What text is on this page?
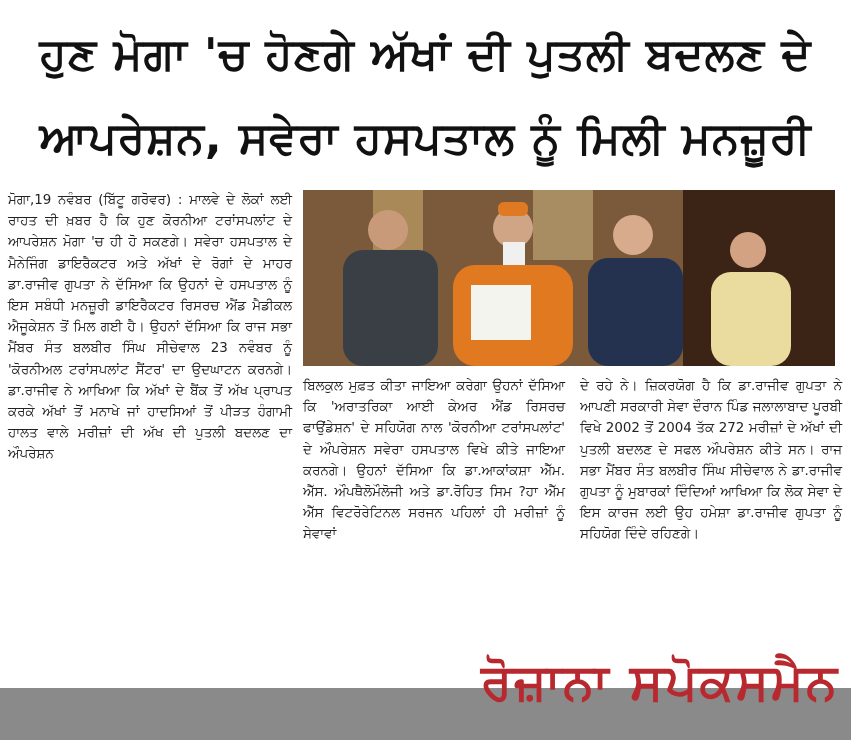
ਹੁਣ ਮੋਗਾ 'ਚ ਹੋਣਗੇ ਅੱਖਾਂ ਦੀ ਪੁਤਲੀ ਬਦਲਣ ਦੇ
ਆਪਰੇਸ਼ਨ, ਸਵੇਰਾ ਹਸਪਤਾਲ ਨੂੰ ਮਿਲੀ ਮਨਜ਼ੂਰੀ

ਮੋਗਾ,19 ਨਵੰਬਰ (ਬਿੱਟੂ ਗਰੋਵਰ) : ਮਾਲਵੇ ਦੇ ਲੋਕਾਂ ਲਈ ਰਾਹਤ ਦੀ ਖ਼ਬਰ ਹੈ ਕਿ ਹੁਣ ਕੋਰਨੀਆ ਟਰਾਂਸਪਲਾਂਟ ਦੇ ਆਪਰੇਸ਼ਨ ਮੋਗਾ 'ਚ ਹੀ ਹੋ ਸਕਣਗੇ। ਸਵੇਰਾ ਹਸਪਤਾਲ ਦੇ ਮੈਨੇਜਿੰਗ ਡਾਇਰੈਕਟਰ ਅਤੇ ਅੱਖਾਂ ਦੇ ਰੋਗਾਂ ਦੇ ਮਾਹਰ ਡਾ.ਰਾਜੀਵ ਗੁਪਤਾ ਨੇ ਦੱਸਿਆ ਕਿ ਉਹਨਾਂ ਦੇ ਹਸਪਤਾਲ ਨੂੰ ਇਸ ਸਬੰਧੀ ਮਨਜ਼ੂਰੀ ਡਾਇਰੈਕਟਰ ਰਿਸਰਚ ਐਂਡ ਮੈਡੀਕਲ ਐਜੂਕੇਸ਼ਨ ਤੋਂ ਮਿਲ ਗਈ ਹੈ। ਉਹਨਾਂ ਦੱਸਿਆ ਕਿ ਰਾਜ ਸਭਾ ਮੈਂਬਰ ਸੰਤ ਬਲਬੀਰ ਸਿੰਘ ਸੀਚੇਵਾਲ 23 ਨਵੰਬਰ ਨੂੰ 'ਕੋਰਨੀਅਲ ਟਰਾਂਸਪਲਾਂਟ ਸੈਂਟਰ' ਦਾ ਉਦਘਾਟਨ ਕਰਨਗੇ। ਡਾ.ਰਾਜੀਵ ਨੇ ਆਖਿਆ ਕਿ ਅੱਖਾਂ ਦੇ ਬੈਂਕ ਤੋਂ ਅੱਖ ਪ੍ਰਾਪਤ ਕਰਕੇ ਅੱਖਾਂ ਤੋਂ ਮਨਾਖੇ ਜਾਂ ਹਾਦਸਿਆਂ ਤੋਂ ਪੀੜਤ ਹੰਗਾਮੀ ਹਾਲਤ ਵਾਲੇ ਮਰੀਜ਼ਾਂ ਦੀ ਅੱਖ ਦੀ ਪੁਤਲੀ ਬਦਲਣ ਦਾ ਔਪਰੇਸ਼ਨ

ਬਿਲਕੁਲ ਮੁਫ਼ਤ ਕੀਤਾ ਜਾਇਆ ਕਰੇਗਾ ਉਹਨਾਂ ਦੱਸਿਆ ਕਿ 'ਅਰਾਤਰਿਕਾ ਆਈ ਕੇਅਰ ਐਂਡ ਰਿਸਰਚ ਫਾਉਂਡੇਸ਼ਨ' ਦੇ ਸਹਿਯੋਗ ਨਾਲ 'ਕੋਰਨੀਆ ਟਰਾਂਸਪਲਾਂਟ' ਦੇ ਔਪਰੇਸ਼ਨ ਸਵੇਰਾ ਹਸਪਤਾਲ ਵਿਖੇ ਕੀਤੇ ਜਾਇਆ ਕਰਨਗੇ। ਉਹਨਾਂ ਦੱਸਿਆ ਕਿ ਡਾ.ਆਕਾਂਕਸ਼ਾ ਐੱਮ. ਐੱਸ. ਔਪਥੈਲੋਮੌਲੋਜੀ ਅਤੇ ਡਾ.ਰੋਹਿਤ ਸਿਮ ?ਹਾ ਐੱਮ ਐੱਸ ਵਿਟਰੋਰੇਟਿਨਲ ਸਰਜਨ ਪਹਿਲਾਂ ਹੀ ਮਰੀਜ਼ਾਂ ਨੂੰ ਸੇਵਾਵਾਂ

ਦੇ ਰਹੇ ਨੇ। ਜ਼ਿਕਰਯੋਗ ਹੈ ਕਿ ਡਾ.ਰਾਜੀਵ ਗੁਪਤਾ ਨੇ ਆਪਣੀ ਸਰਕਾਰੀ ਸੇਵਾ ਦੌਰਾਨ ਪਿੰਡ ਜਲਾਲਾਬਾਦ ਪੂਰਬੀ ਵਿਖੇ 2002 ਤੋਂ 2004 ਤੱਕ 272 ਮਰੀਜ਼ਾਂ ਦੇ ਅੱਖਾਂ ਦੀ ਪੁਤਲੀ ਬਦਲਣ ਦੇ ਸਫਲ ਔਪਰੇਸ਼ਨ ਕੀਤੇ ਸਨ। ਰਾਜ ਸਭਾ ਮੈਂਬਰ ਸੰਤ ਬਲਬੀਰ ਸਿੰਘ ਸੀਚੇਵਾਲ ਨੇ ਡਾ.ਰਾਜੀਵ ਗੁਪਤਾ ਨੂੰ ਮੁਬਾਰਕਾਂ ਦਿੰਦਿਆਂ ਆਖਿਆ ਕਿ ਲੋਕ ਸੇਵਾ ਦੇ ਇਸ ਕਾਰਜ ਲਈ ਉਹ ਹਮੇਸ਼ਾ ਡਾ.ਰਾਜੀਵ ਗੁਪਤਾ ਨੂੰ ਸਹਿਯੋਗ ਦਿੰਦੇ ਰਹਿਣਗੇ।

ਰੋਜ਼ਾਨਾ ਸਪੋਕਸਮੈਨ
